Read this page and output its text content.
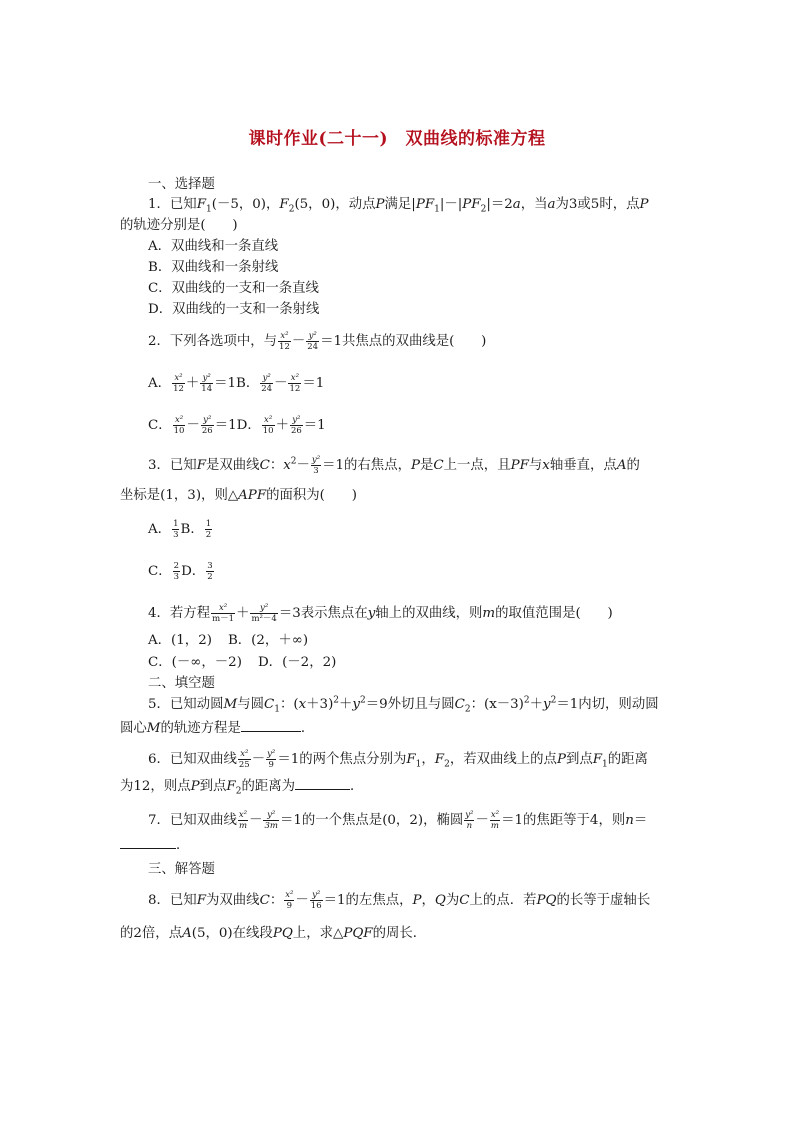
课时作业(二十一)　双曲线的标准方程
一、选择题
1．已知$F_1(-5$，0)，$F_2(5$，0)，动点P满足$|PF_1|-|PF_2|=2a$，当a为3或5时，点P
的轨迹分别是(　　)
A．双曲线和一条直线
B．双曲线和一条射线
C．双曲线的一支和一条直线
D．双曲线的一支和一条射线
2．下列各选项中，与 $\frac{\text{x²}}{12} - \frac{\text{y²}}{24} =1$共焦点的双曲线是(　　)
A． $\frac{\text{x²}}{12} + \frac{\text{y²}}{14} =1B$． $\frac{\text{y²}}{24} - \frac{\text{x²}}{12} =1$
C． $\frac{\text{x²}}{10} - \frac{\text{y²}}{26} =1D$． $\frac{\text{x²}}{10} + \frac{\text{y²}}{26} =1$
3．已知F是双曲线C：$x^2- \frac{\text{y²}}{3} =1$的右焦点，P是C上一点，且PF与x轴垂直，点A的
坐标是(1，3)，则△APF的面积为(　　)
A． $\frac{1}{3}$ B． $\frac{1}{2}$
C． $\frac{2}{3}$ D． $\frac{3}{2}$
4．若方程 $\frac{\text{x²}}{m-1} + \frac{\text{y²}}{\text{m²－4}} =3$表示焦点在y轴上的双曲线，则m的取值范围是(　　)
A．(1，2) B．(2，＋∞)
C．(－∞，－2) D．(－2，2)
二、填空题
5．已知动圆M与圆$C_1$：$(x+3)^2+y^2=9$外切且与圆$C_2$：$(x-3)^2+y^2=1$内切，则动圆
圆心M的轨迹方程是	．
6．已知双曲线 $\frac{\text{x²}}{25} - \frac{\text{y²}}{9} =1$的两个焦点分别为$F_1$，$F_2$，若双曲线上的点P到点$F_1$的距离
为12，则点P到点$F_2$的距离为	．
7．已知双曲线 $\frac{\text{x²}}{m} - \frac{\text{y²}}{3m} =1$的一个焦点是(0，2)，椭圆 $\frac{\text{y²}}{n} - \frac{\text{x²}}{m} =1$的焦距等于4，则n＝
．
三、解答题
8．已知F为双曲线C： $\frac{\text{x²}}{9} - \frac{\text{y²}}{16} =1$的左焦点，P，Q为C上的点．若PQ的长等于虚轴长
的2倍，点A(5，0)在线段PQ上，求△PQF的周长．
